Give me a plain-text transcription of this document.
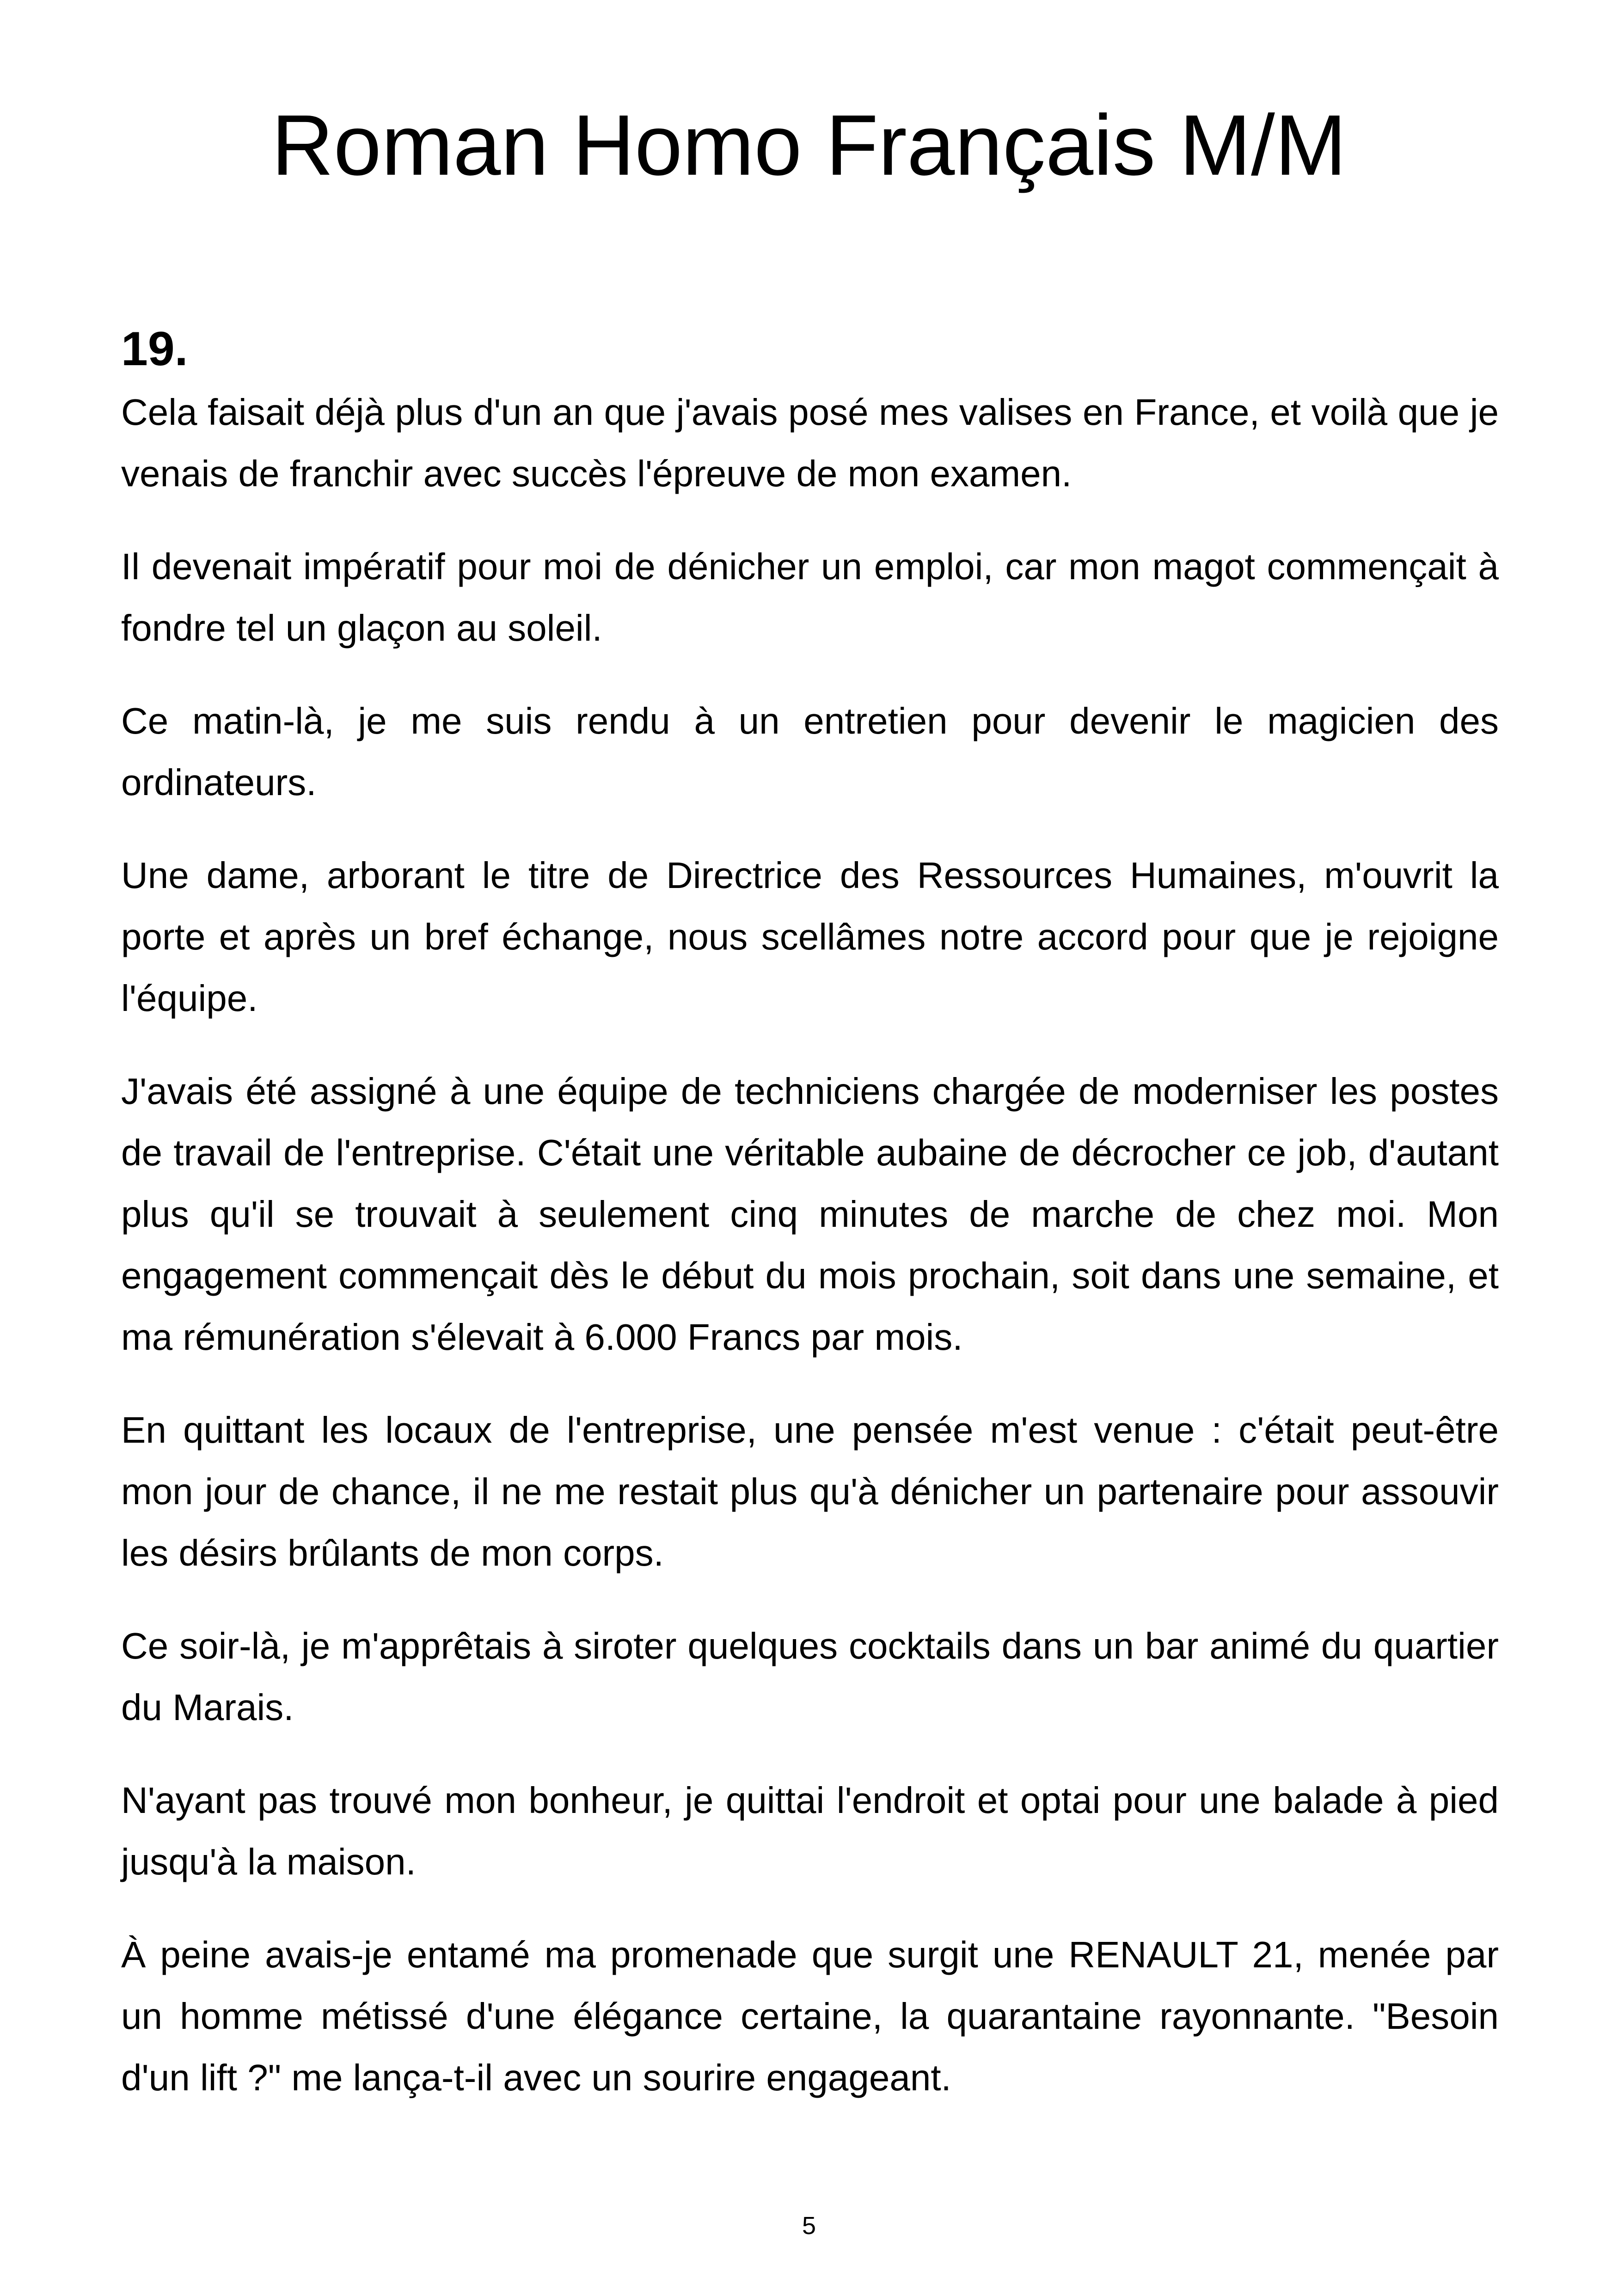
Roman Homo Français M/M
19.

Cela faisait déjà plus d'un an que j'avais posé mes valises en France, et voilà que je venais de franchir avec succès l'épreuve de mon examen.

Il devenait impératif pour moi de dénicher un emploi, car mon magot commençait à fondre tel un glaçon au soleil.

Ce matin-là, je me suis rendu à un entretien pour devenir le magicien des ordinateurs.

Une dame, arborant le titre de Directrice des Ressources Humaines, m'ouvrit la porte et après un bref échange, nous scellâmes notre accord pour que je rejoigne l'équipe.

J'avais été assigné à une équipe de techniciens chargée de moderniser les postes de travail de l'entreprise. C'était une véritable aubaine de décrocher ce job, d'autant plus qu'il se trouvait à seulement cinq minutes de marche de chez moi. Mon engagement commençait dès le début du mois prochain, soit dans une semaine, et ma rémunération s'élevait à 6.000 Francs par mois.

En quittant les locaux de l'entreprise, une pensée m'est venue : c'était peut-être mon jour de chance, il ne me restait plus qu'à dénicher un partenaire pour assouvir les désirs brûlants de mon corps.

Ce soir-là, je m'apprêtais à siroter quelques cocktails dans un bar animé du quartier du Marais.

N'ayant pas trouvé mon bonheur, je quittai l'endroit et optai pour une balade à pied jusqu'à la maison.

À peine avais-je entamé ma promenade que surgit une RENAULT 21, menée par un homme métissé d'une élégance certaine, la quarantaine rayonnante. "Besoin d'un lift ?" me lança-t-il avec un sourire engageant.

5
